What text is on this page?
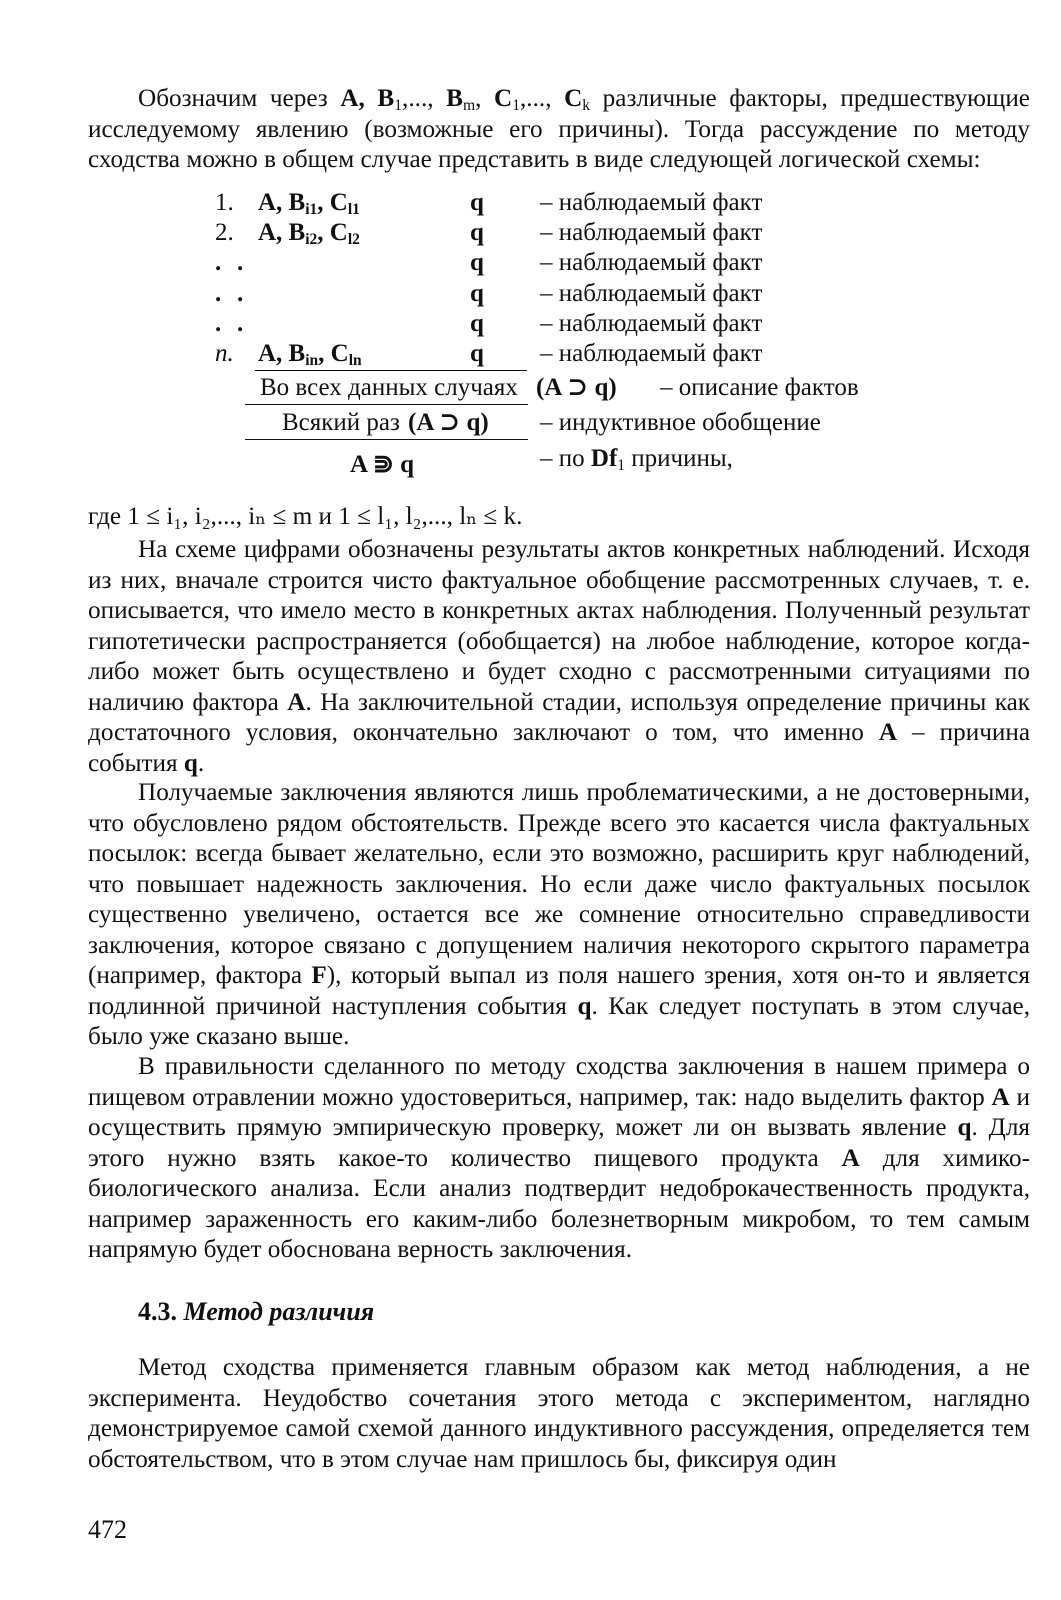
Обозначим через A, $B_1$,..., $B_m$, $C_1$,..., $C_k$ различные факторы, предшествующие исследуемому явлению (возможные его причины). Тогда рассуждение по методу сходства можно в общем случае представить в виде следующей логической схемы:

1. A, $B_{i1}$, $C_{l1}$	q – наблюдаемый факт
2. A, $B_{i2}$, $C_{l2}$	q – наблюдаемый факт
. .	q – наблюдаемый факт
. .	q – наблюдаемый факт
. .	q – наблюдаемый факт
n. A, $B_{in}$, $C_{ln}$	q – наблюдаемый факт
Во всех данных случаях (A ⊃ q) – описание фактов
Всякий раз (A ⊃ q) – индуктивное обобщение
A ⋑ q	– по $Df_1$ причины,

где 1 ≤ i₁, i₂,..., iₙ ≤ m и 1 ≤ l₁, l₂,..., lₙ ≤ k.

На схеме цифрами обозначены результаты актов конкретных наблюдений. Исходя из них, вначале строится чисто фактуальное обобщение рассмотренных случаев, т. е. описывается, что имело место в конкретных актах наблюдения. Полученный результат гипотетически распространяется (обобщается) на любое наблюдение, которое когда-либо может быть осуществлено и будет сходно с рассмотренными ситуациями по наличию фактора A. На заключительной стадии, используя определение причины как достаточного условия, окончательно заключают о том, что именно A – причина события q.

Получаемые заключения являются лишь проблематическими, а не достоверными, что обусловлено рядом обстоятельств. Прежде всего это касается числа фактуальных посылок: всегда бывает желательно, если это возможно, расширить круг наблюдений, что повышает надежность заключения. Но если даже число фактуальных посылок существенно увеличено, остается все же сомнение относительно справедливости заключения, которое связано с допущением наличия некоторого скрытого параметра (например, фактора F), который выпал из поля нашего зрения, хотя он-то и является подлинной причиной наступления события q. Как следует поступать в этом случае, было уже сказано выше.

В правильности сделанного по методу сходства заключения в нашем примера о пищевом отравлении можно удостовериться, например, так: надо выделить фактор A и осуществить прямую эмпирическую проверку, может ли он вызвать явление q. Для этого нужно взять какое-то количество пищевого продукта A для химико-биологического анализа. Если анализ подтвердит недоброкачественность продукта, например зараженность его каким-либо болезнетворным микробом, то тем самым напрямую будет обоснована верность заключения.

4.3. Метод различия

Метод сходства применяется главным образом как метод наблюдения, а не эксперимента. Неудобство сочетания этого метода с экспериментом, наглядно демонстрируемое самой схемой данного индуктивного рассуждения, определяется тем обстоятельством, что в этом случае нам пришлось бы, фиксируя один

472
